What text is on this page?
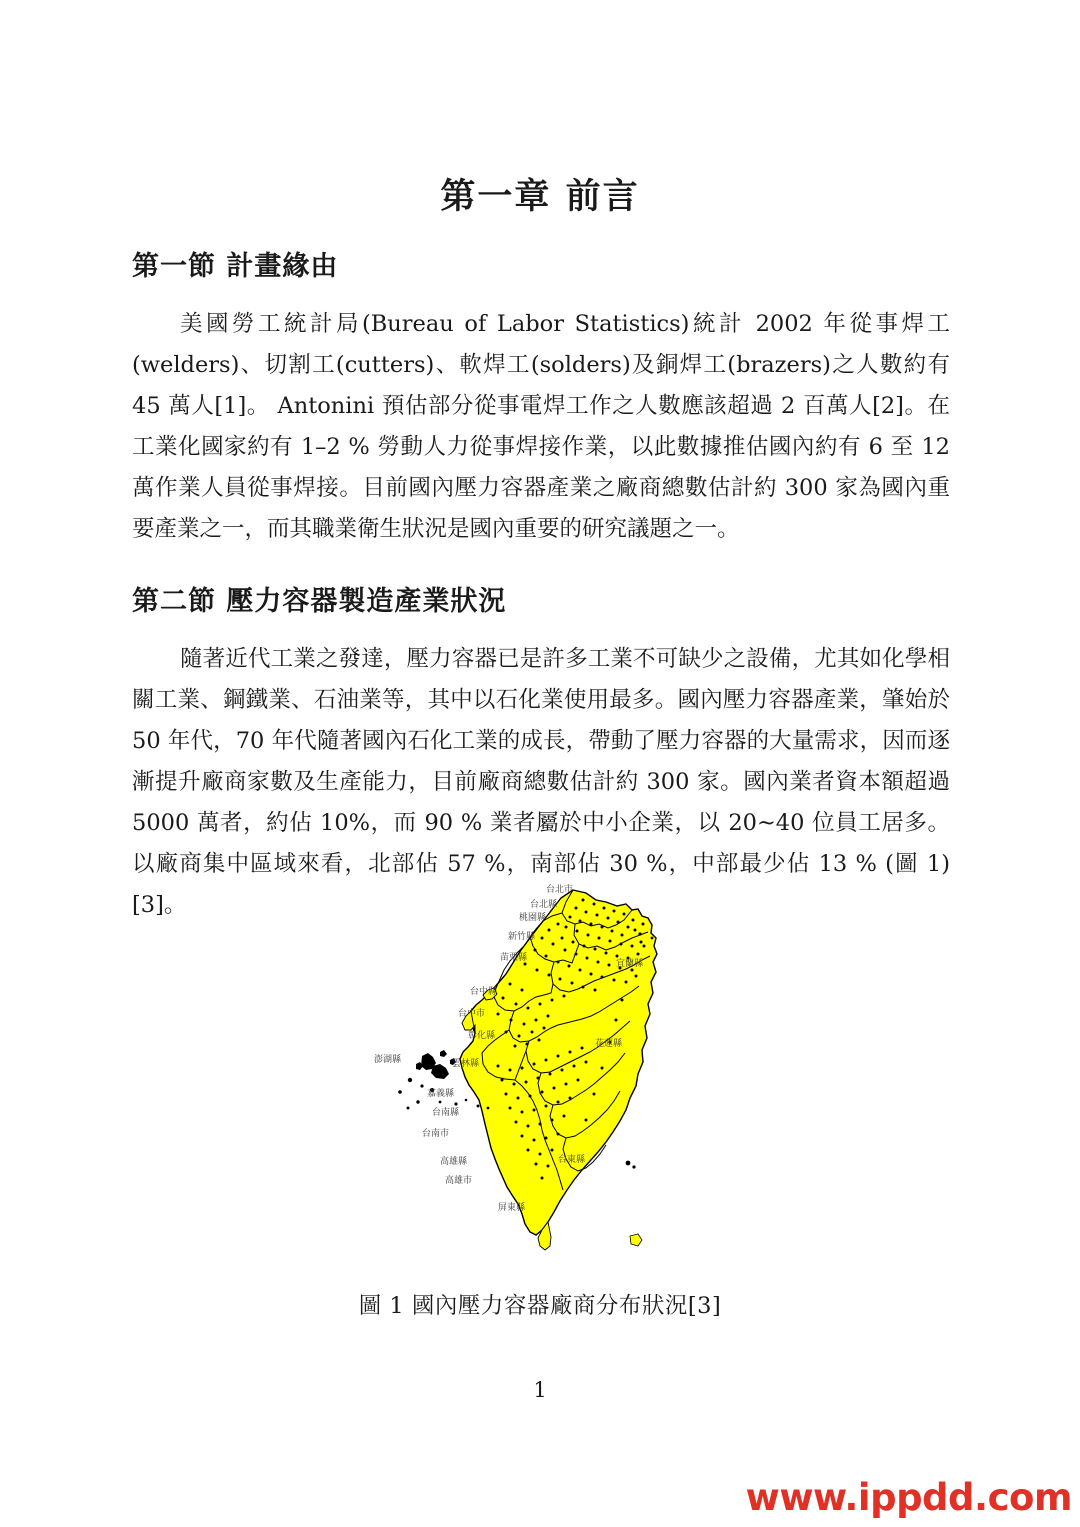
第一章 前言
第一節 計畫緣由

美國勞工統計局(Bureau of Labor Statistics)統計 2002 年從事焊工(welders)、切割工(cutters)、軟焊工(solders)及銅焊工(brazers)之人數約有 45 萬人[1]。 Antonini 預估部分從事電焊工作之人數應該超過 2 百萬人[2]。在工業化國家約有 1–2 % 勞動人力從事焊接作業，以此數據推估國內約有 6 至 12 萬作業人員從事焊接。目前國內壓力容器產業之廠商總數估計約 300 家為國內重要產業之一，而其職業衛生狀況是國內重要的研究議題之一。

第二節 壓力容器製造產業狀況

隨著近代工業之發達，壓力容器已是許多工業不可缺少之設備，尤其如化學相關工業、鋼鐵業、石油業等，其中以石化業使用最多。國內壓力容器產業，肇始於 50 年代，70 年代隨著國內石化工業的成長，帶動了壓力容器的大量需求，因而逐漸提升廠商家數及生產能力，目前廠商總數估計約 300 家。國內業者資本額超過 5000 萬者，約佔 10%，而 90 % 業者屬於中小企業，以 20~40 位員工居多。以廠商集中區域來看，北部佔 57 %，南部佔 30 %，中部最少佔 13 % (圖 1)[3]。

台北市
台北縣
桃園縣
新竹縣
苗栗縣
宜蘭縣
台中縣
台中市
彰化縣
花蓮縣
澎湖縣	雲林縣
嘉義縣
台南縣
台南市
高雄縣
高雄市
台東縣
屏東縣
圖 1 國內壓力容器廠商分布狀況[3]
1
www.ippdd.com
